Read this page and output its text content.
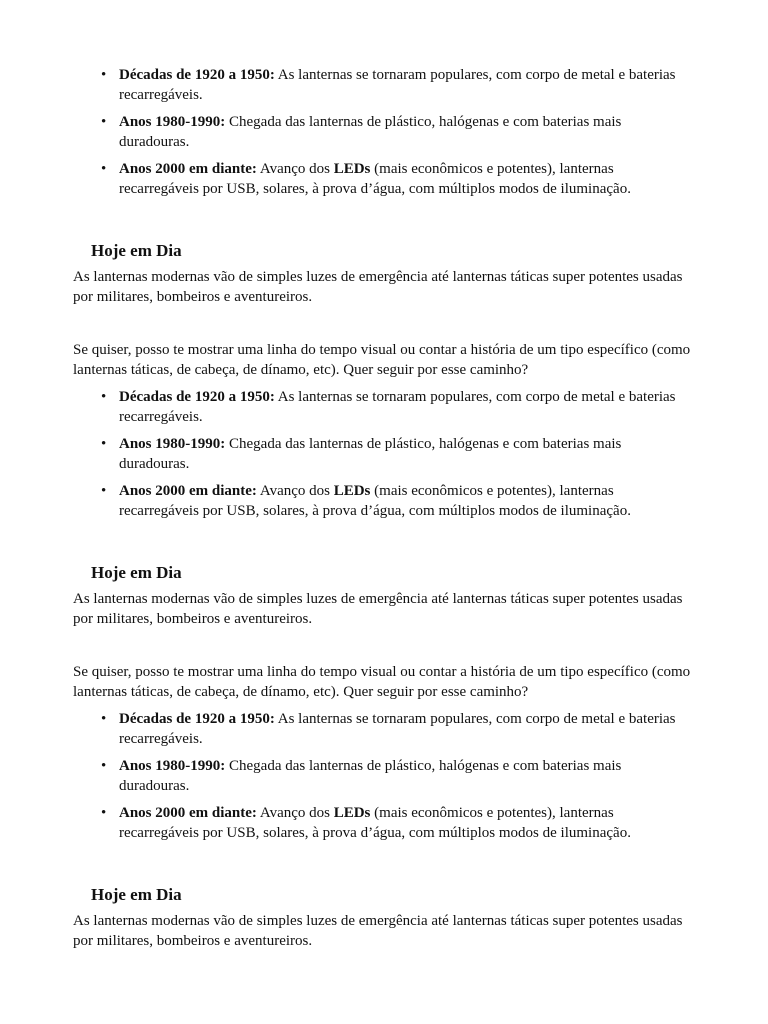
• Décadas de 1920 a 1950: As lanternas se tornaram populares, com corpo de metal e baterias recarregáveis.
• Anos 1980-1990: Chegada das lanternas de plástico, halógenas e com baterias mais duradouras.
• Anos 2000 em diante: Avanço dos LEDs (mais econômicos e potentes), lanternas recarregáveis por USB, solares, à prova d’água, com múltiplos modos de iluminação.
Hoje em Dia

As lanternas modernas vão de simples luzes de emergência até lanternas táticas super potentes usadas por militares, bombeiros e aventureiros.

Se quiser, posso te mostrar uma linha do tempo visual ou contar a história de um tipo específico (como lanternas táticas, de cabeça, de dínamo, etc). Quer seguir por esse caminho?

• Décadas de 1920 a 1950: As lanternas se tornaram populares, com corpo de metal e baterias recarregáveis.
• Anos 1980-1990: Chegada das lanternas de plástico, halógenas e com baterias mais duradouras.
• Anos 2000 em diante: Avanço dos LEDs (mais econômicos e potentes), lanternas recarregáveis por USB, solares, à prova d’água, com múltiplos modos de iluminação.
Hoje em Dia

As lanternas modernas vão de simples luzes de emergência até lanternas táticas super potentes usadas por militares, bombeiros e aventureiros.

Se quiser, posso te mostrar uma linha do tempo visual ou contar a história de um tipo específico (como lanternas táticas, de cabeça, de dínamo, etc). Quer seguir por esse caminho?

• Décadas de 1920 a 1950: As lanternas se tornaram populares, com corpo de metal e baterias recarregáveis.
• Anos 1980-1990: Chegada das lanternas de plástico, halógenas e com baterias mais duradouras.
• Anos 2000 em diante: Avanço dos LEDs (mais econômicos e potentes), lanternas recarregáveis por USB, solares, à prova d’água, com múltiplos modos de iluminação.
Hoje em Dia

As lanternas modernas vão de simples luzes de emergência até lanternas táticas super potentes usadas por militares, bombeiros e aventureiros.
